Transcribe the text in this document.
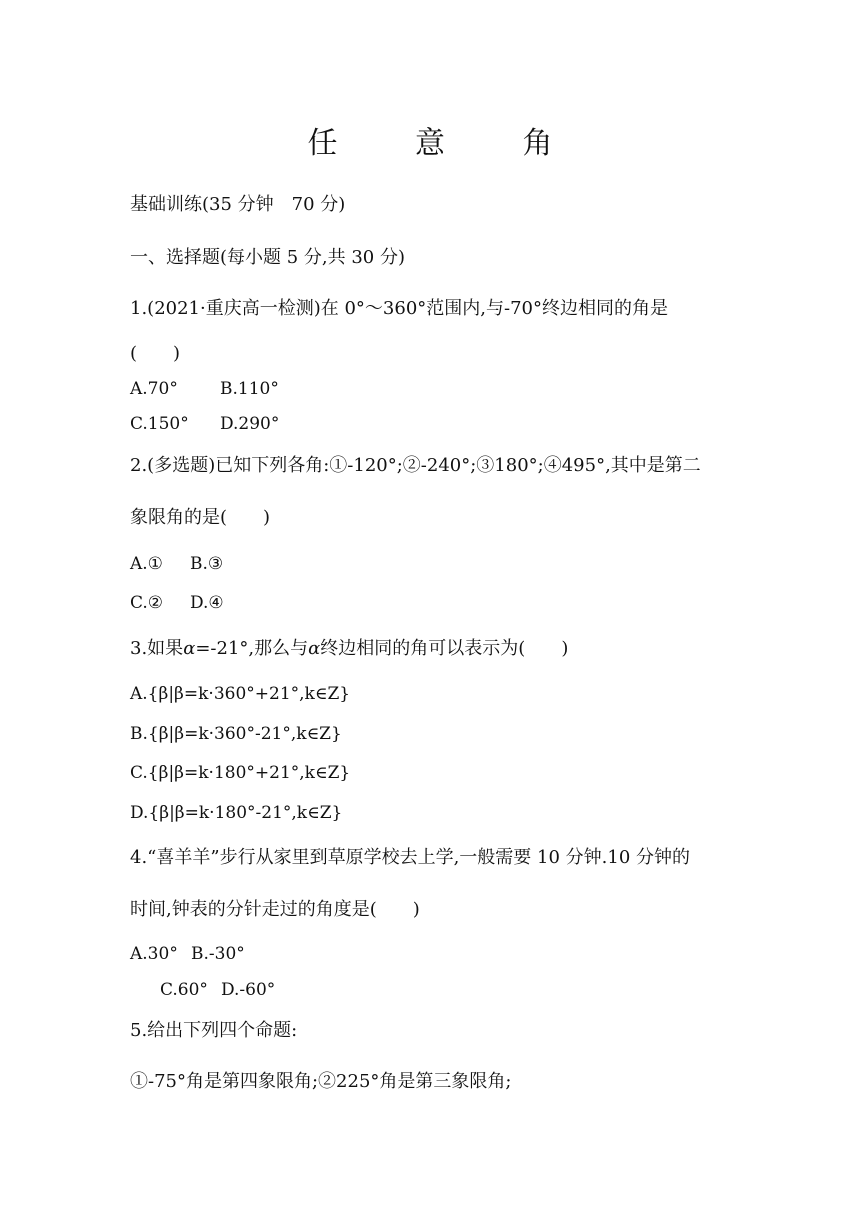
任 意 角
基础训练(35 分钟　70 分)
一、选择题(每小题 5 分,共 30 分)
1.(2021·重庆高一检测)在 0°～360°范围内,与-70°终边相同的角是
(　　)
A.70° B.110°
C.150° D.290°
2.(多选题)已知下列各角:①-120°;②-240°;③180°;④495°,其中是第二
象限角的是(　　)
A.① B.③
C.② D.④
3.如果α=-21°,那么与α终边相同的角可以表示为(　　)
A.{β|β=k·360°+21°,k∈Z}
B.{β|β=k·360°-21°,k∈Z}
C.{β|β=k·180°+21°,k∈Z}
D.{β|β=k·180°-21°,k∈Z}
4.“喜羊羊”步行从家里到草原学校去上学,一般需要 10 分钟.10 分钟的
时间,钟表的分针走过的角度是(　　)
A.30° B.-30°
C.60° D.-60°
5.给出下列四个命题:
①-75°角是第四象限角;②225°角是第三象限角;
